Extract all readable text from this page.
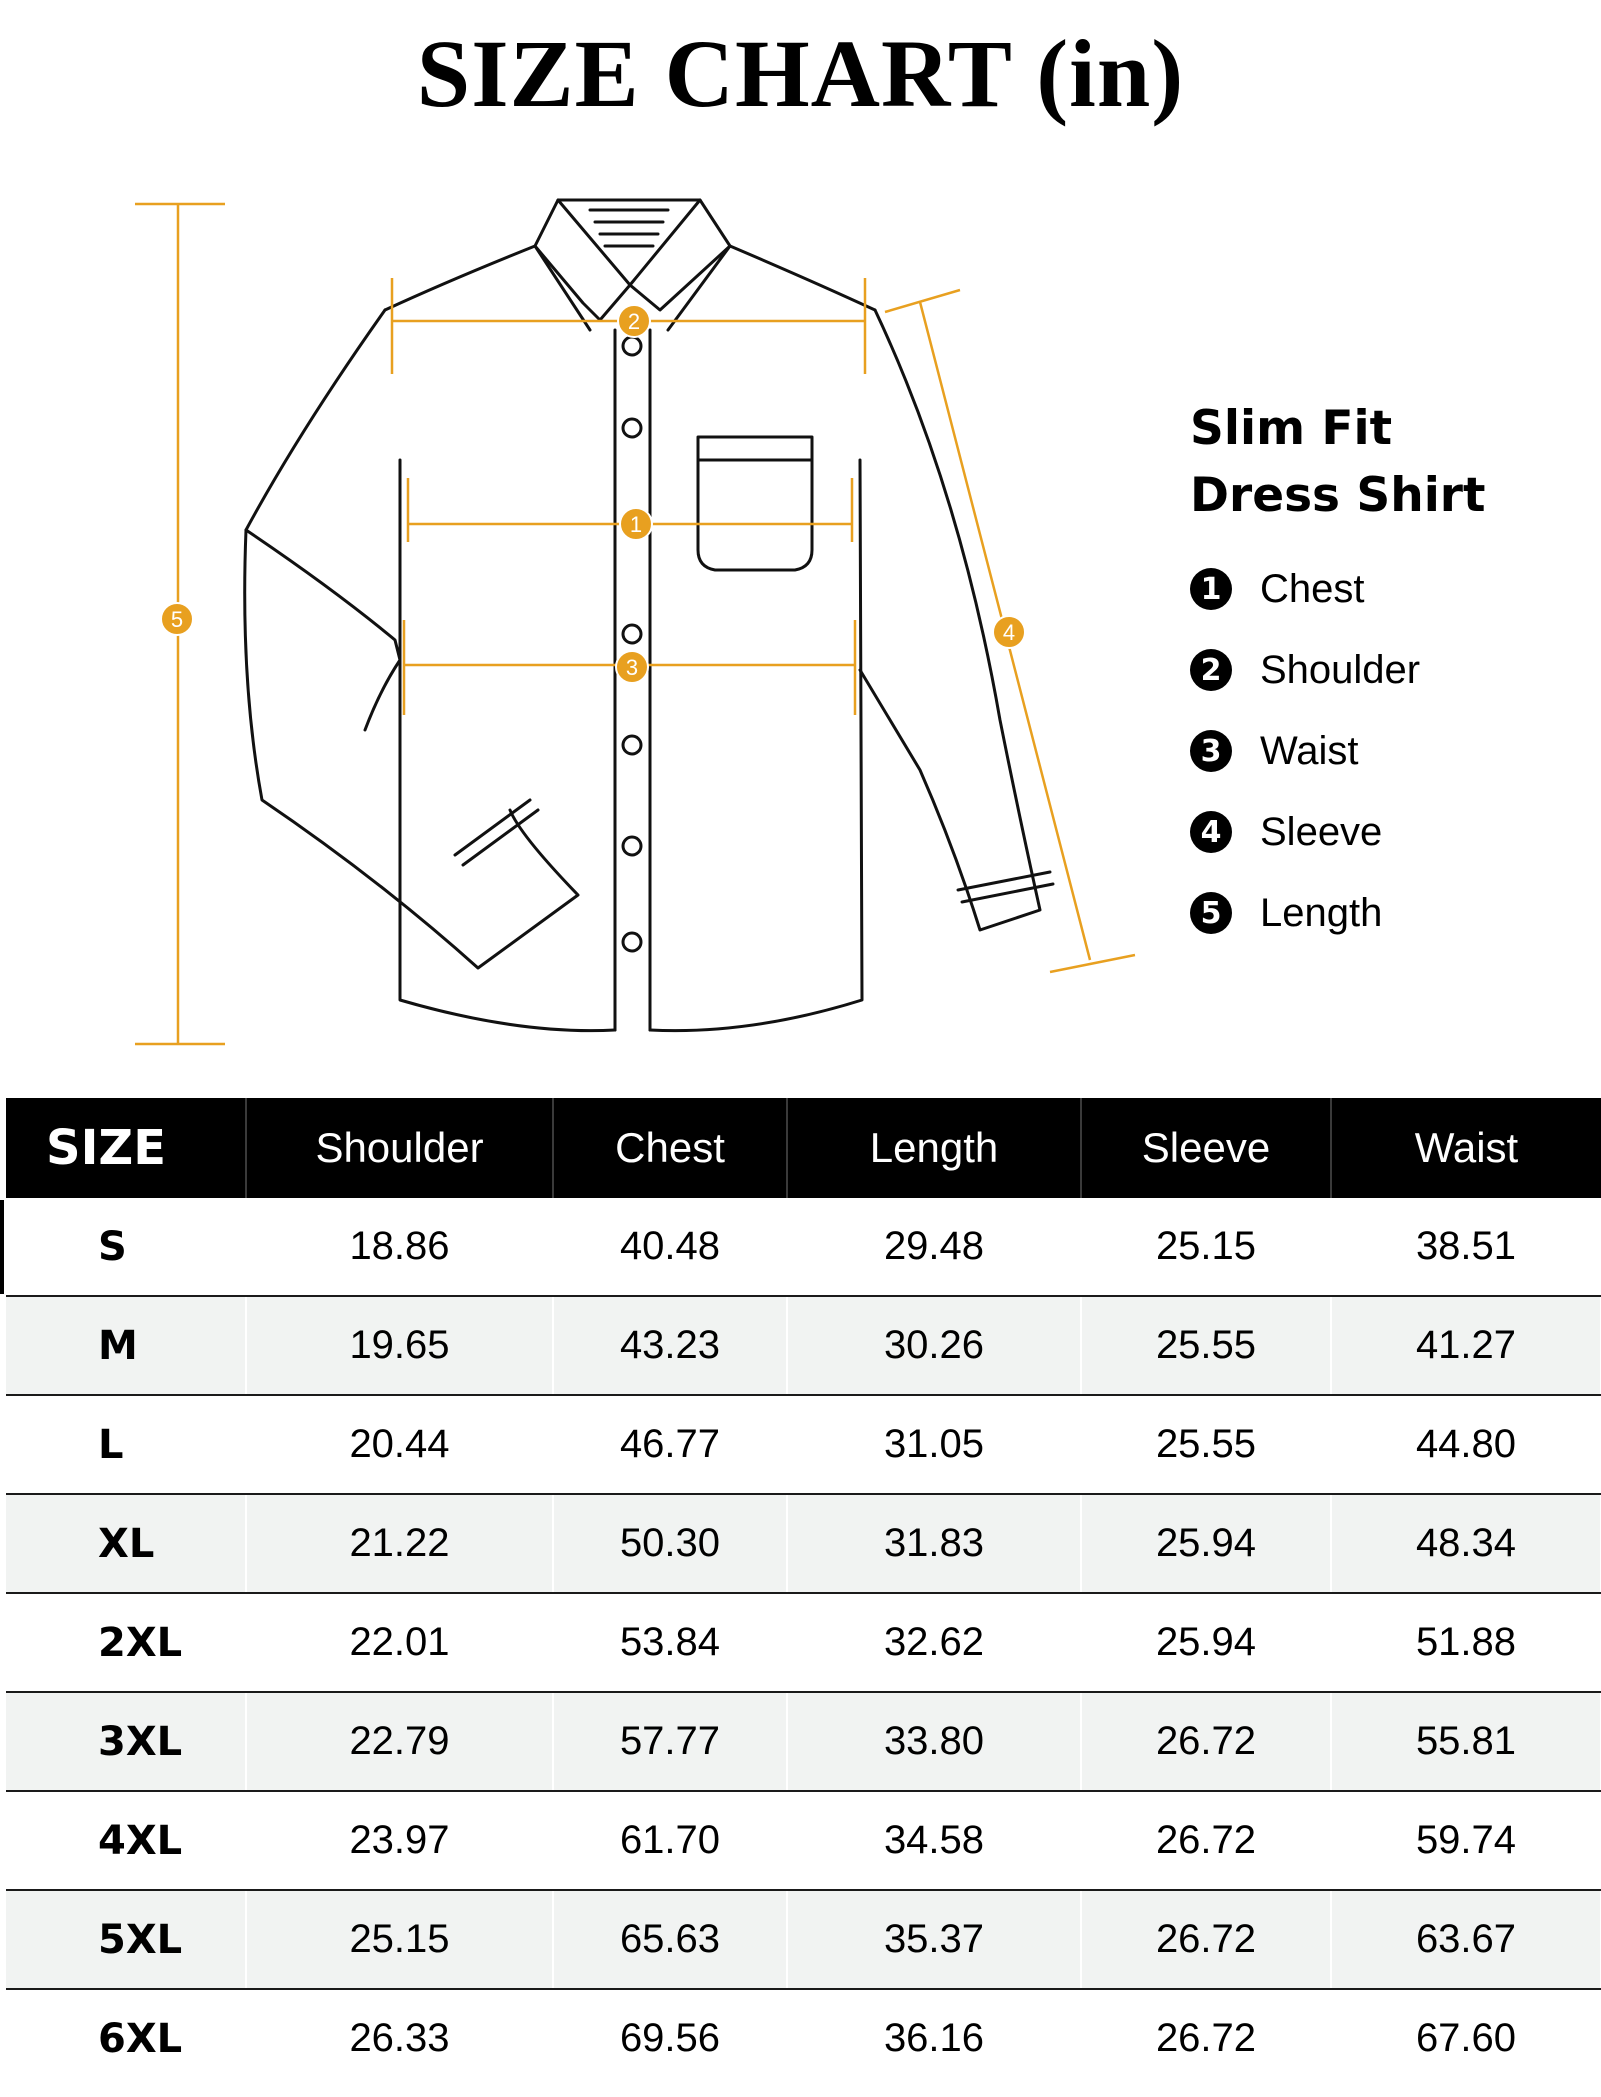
SIZE CHART (in)
1
2
3
4
5
Slim Fit
Dress Shirt
1 Chest
2 Shoulder
3 Waist
4 Sleeve
5 Length
SIZE	Shoulder	Chest	Length	Sleeve	Waist
S	18.86	40.48	29.48	25.15	38.51
M	19.65	43.23	30.26	25.55	41.27
L	20.44	46.77	31.05	25.55	44.80
XL	21.22	50.30	31.83	25.94	48.34
2XL	22.01	53.84	32.62	25.94	51.88
3XL	22.79	57.77	33.80	26.72	55.81
4XL	23.97	61.70	34.58	26.72	59.74
5XL	25.15	65.63	35.37	26.72	63.67
6XL	26.33	69.56	36.16	26.72	67.60
